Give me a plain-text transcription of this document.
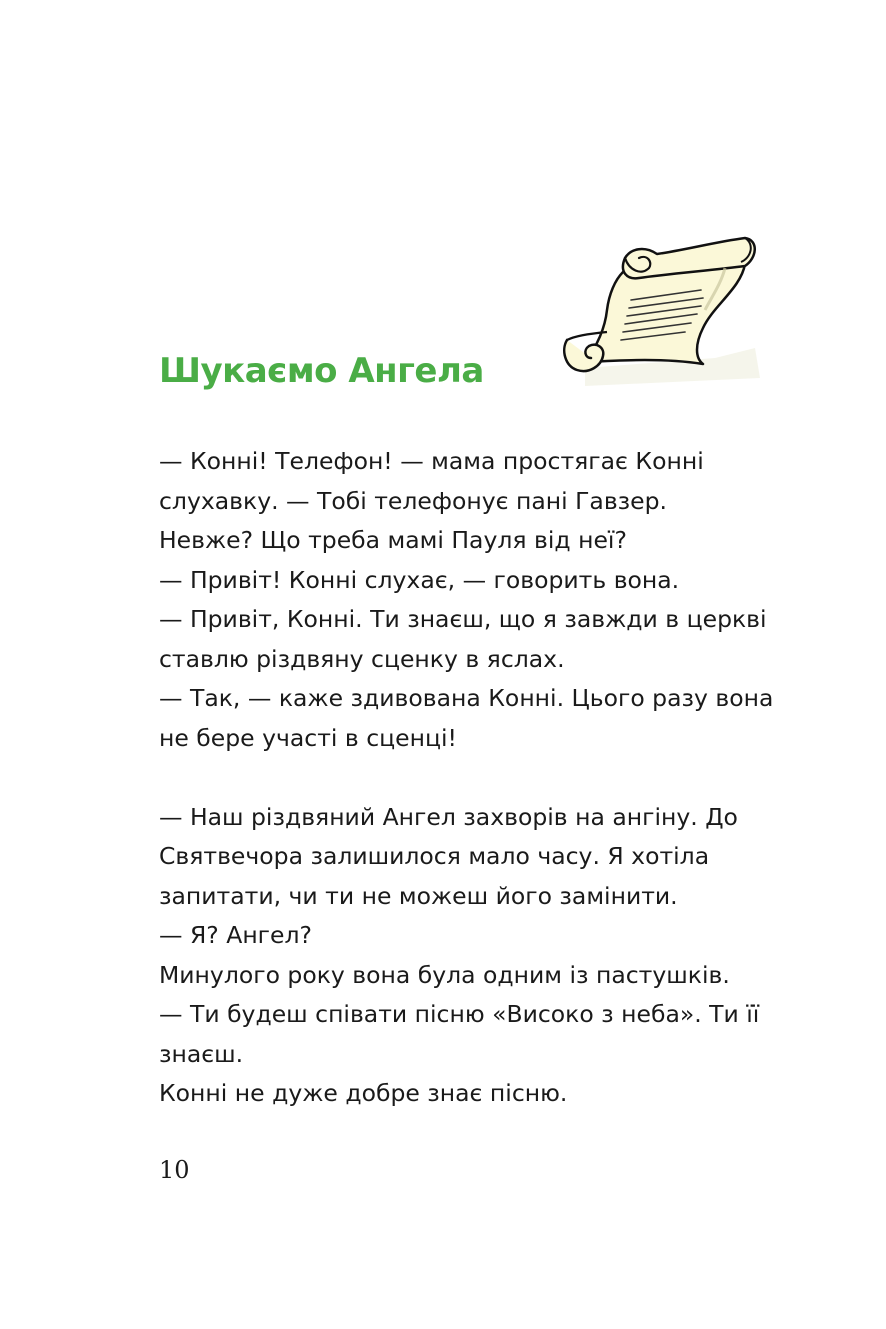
Шукаємо Ангела
— Конні! Телефон! — мама простягає Конні
слухавку. — Тобі телефонує пані Гавзер.
Невже? Що треба мамі Пауля від неї?
— Привіт! Конні слухає, — говорить вона.
— Привіт, Конні. Ти знаєш, що я завжди в церкві
ставлю різдвяну сценку в яслах.
— Так, — каже здивована Конні. Цього разу вона
не бере участі в сценці!
— Наш різдвяний Ангел захворів на ангіну. До
Святвечора залишилося мало часу. Я хотіла
запитати, чи ти не можеш його замінити.
— Я? Ангел?
Минулого року вона була одним із пастушків.
— Ти будеш співати пісню «Високо з неба». Ти її
знаєш.
Конні не дуже добре знає пісню.
10
